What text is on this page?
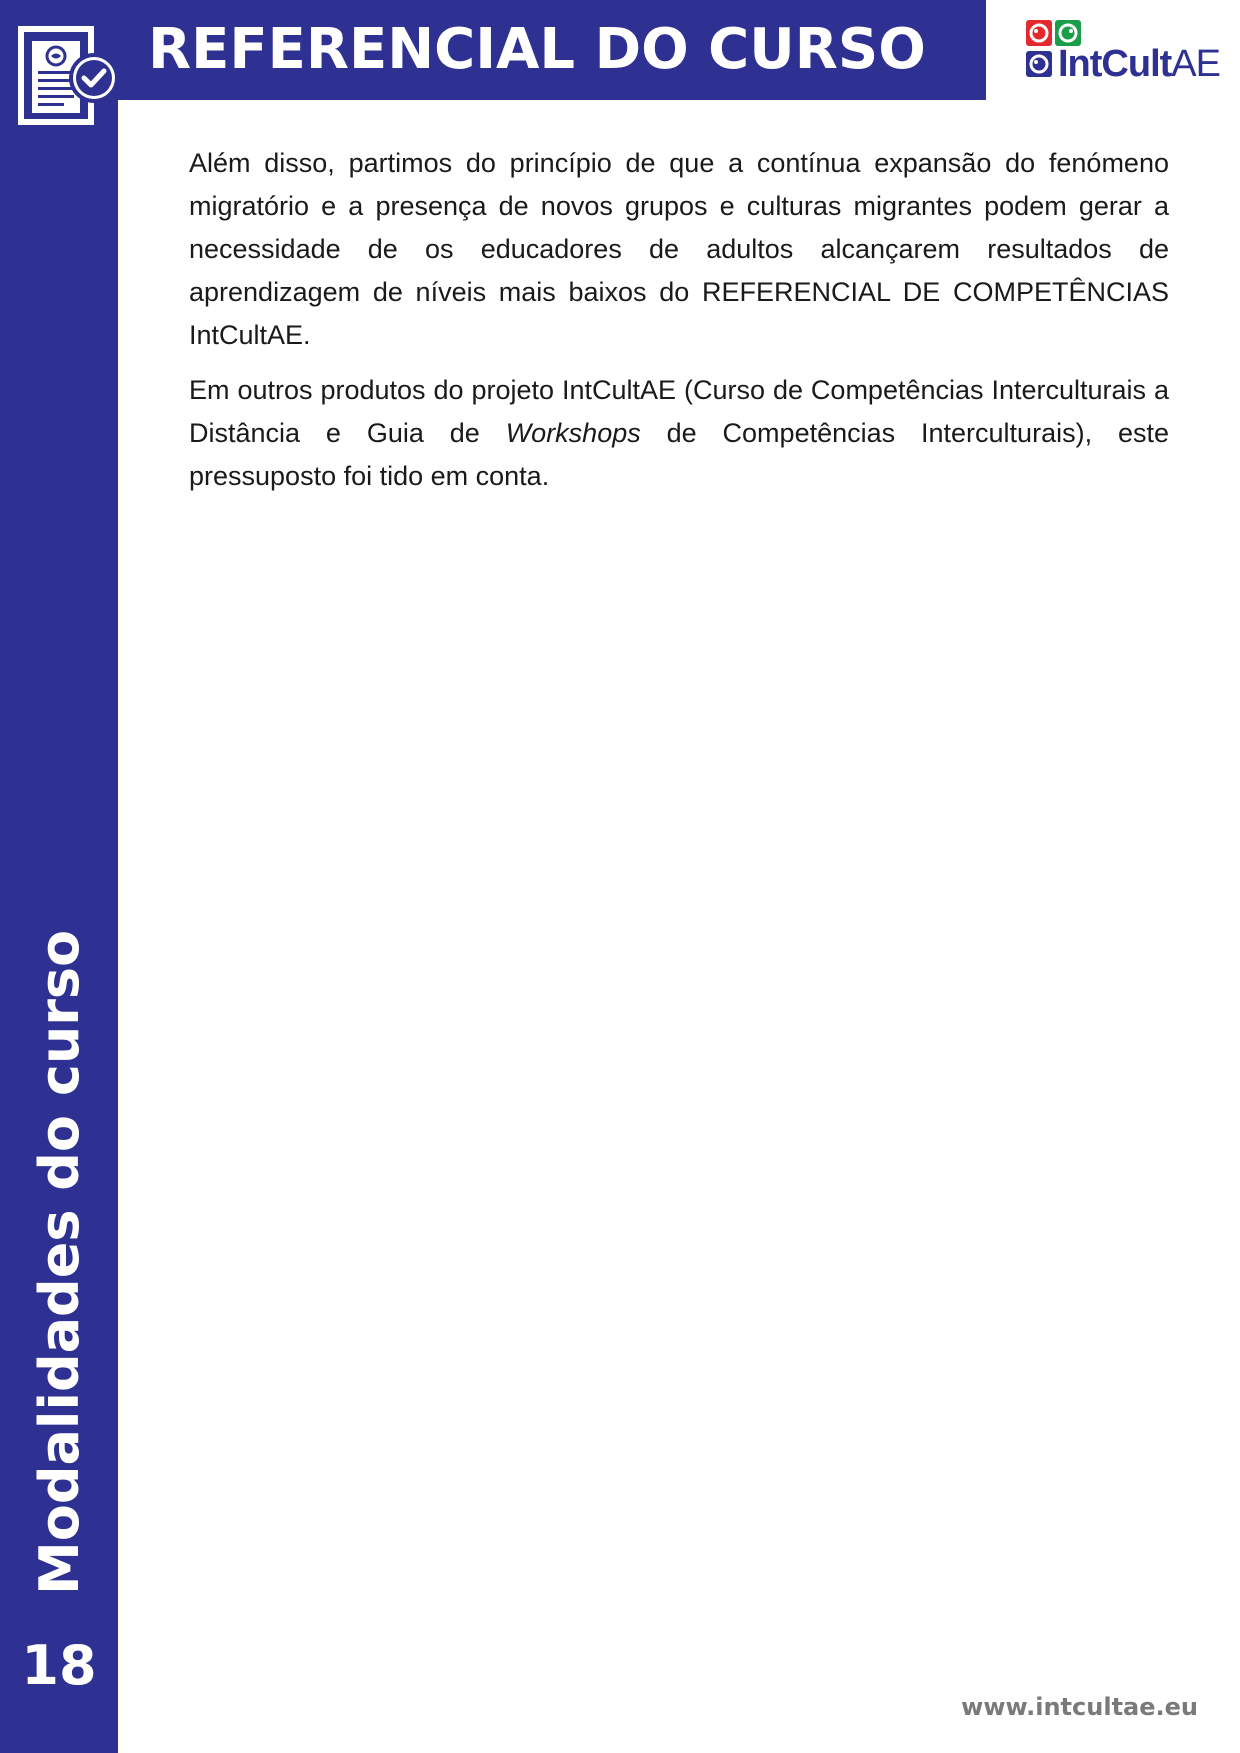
REFERENCIAL DO CURSO	IntCultAE

Além disso, partimos do princípio de que a contínua expansão do fenómeno migratório e a presença de novos grupos e culturas migrantes podem gerar a necessidade de os educadores de adultos alcançarem resultados de aprendizagem de níveis mais baixos do REFERENCIAL DE COMPETÊNCIAS IntCultAE.

Em outros produtos do projeto IntCultAE (Curso de Competências Interculturais a Distância e Guia de Workshops de Competências Interculturais), este pressuposto foi tido em conta.

Modalidades do curso
18
www.intcultae.eu
